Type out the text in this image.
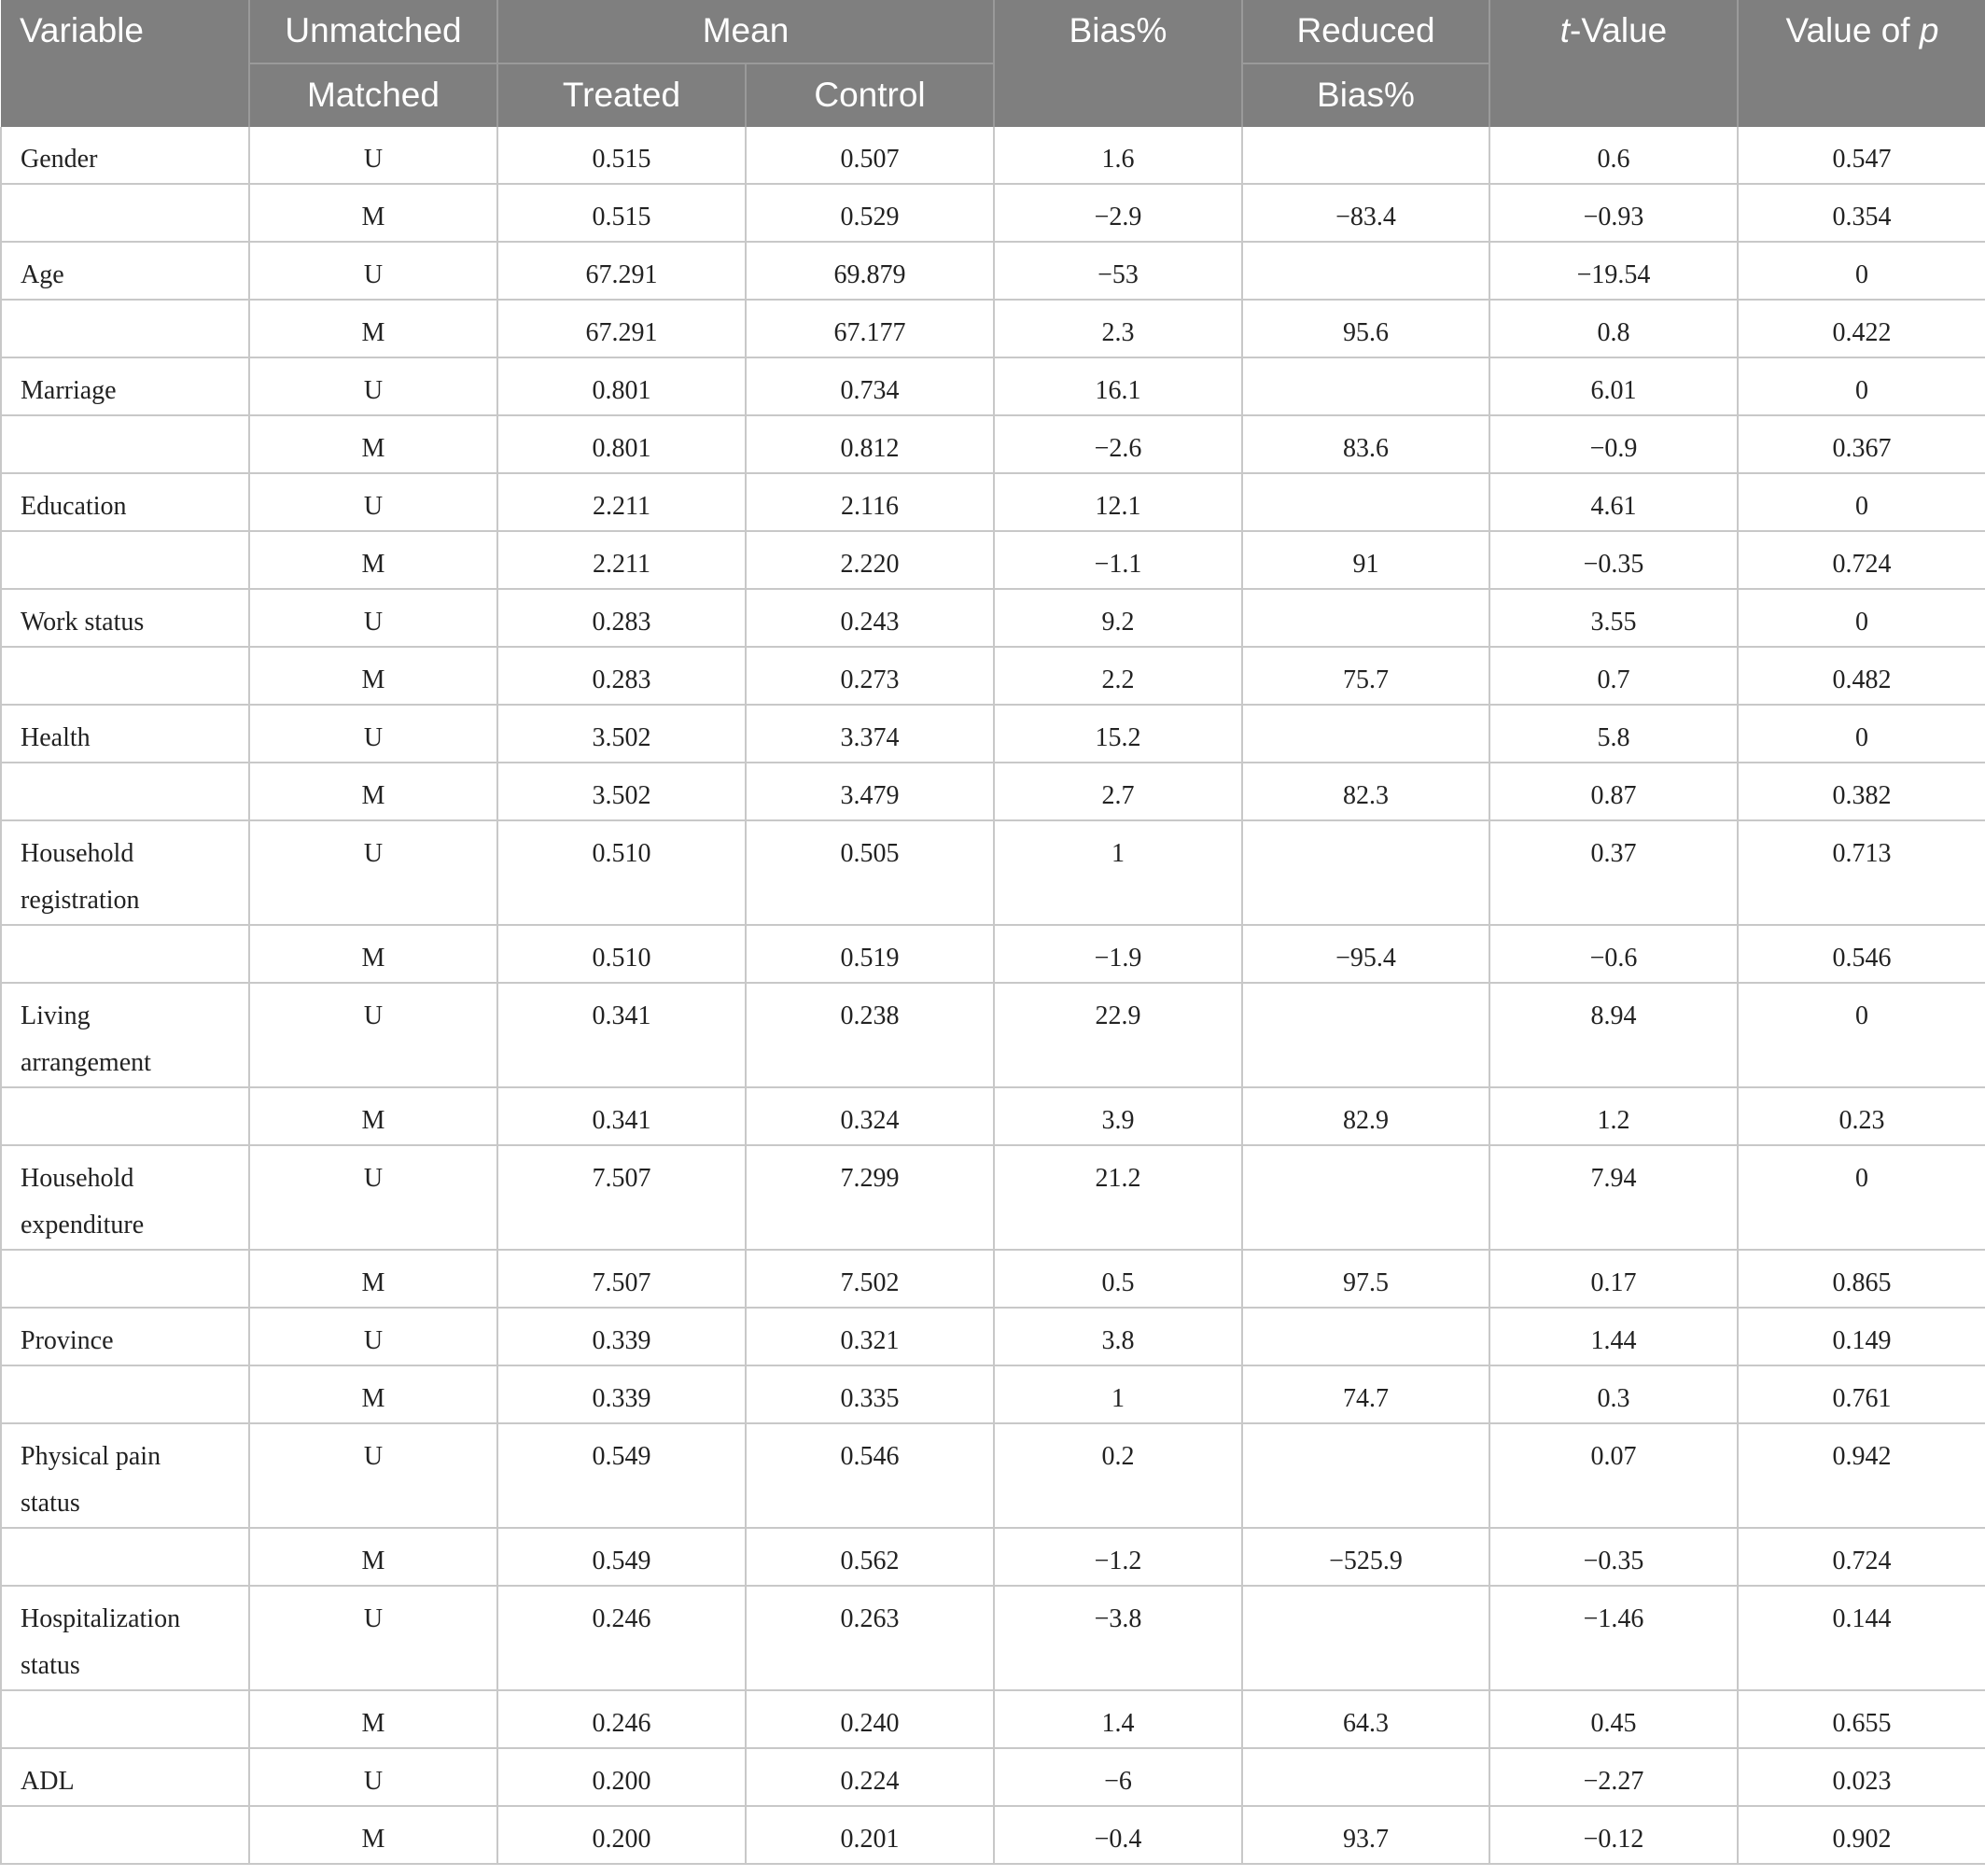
Variable	Unmatched	Mean		Bias%	Reduced	t-Value	Value of p
	Matched	Treated	Control		Bias%		
Gender	U	0.515	0.507	1.6		0.6	0.547
	M	0.515	0.529	−2.9	−83.4	−0.93	0.354
Age	U	67.291	69.879	−53		−19.54	0
	M	67.291	67.177	2.3	95.6	0.8	0.422
Marriage	U	0.801	0.734	16.1		6.01	0
	M	0.801	0.812	−2.6	83.6	−0.9	0.367
Education	U	2.211	2.116	12.1		4.61	0
	M	2.211	2.220	−1.1	91	−0.35	0.724
Work status	U	0.283	0.243	9.2		3.55	0
	M	0.283	0.273	2.2	75.7	0.7	0.482
Health	U	3.502	3.374	15.2		5.8	0
	M	3.502	3.479	2.7	82.3	0.87	0.382

Household
registration	U	0.510	0.505	1		0.37	0.713
	M	0.510	0.519	−1.9	−95.4	−0.6	0.546

Living
arrangement	U	0.341	0.238	22.9		8.94	0
	M	0.341	0.324	3.9	82.9	1.2	0.23

Household
expenditure	U	7.507	7.299	21.2		7.94	0
	M	7.507	7.502	0.5	97.5	0.17	0.865
Province	U	0.339	0.321	3.8		1.44	0.149
	M	0.339	0.335	1	74.7	0.3	0.761

Physical pain
status	U	0.549	0.546	0.2		0.07	0.942
	M	0.549	0.562	−1.2	−525.9	−0.35	0.724

Hospitalization
status	U	0.246	0.263	−3.8		−1.46	0.144
	M	0.246	0.240	1.4	64.3	0.45	0.655
ADL	U	0.200	0.224	−6		−2.27	0.023
	M	0.200	0.201	−0.4	93.7	−0.12	0.902
